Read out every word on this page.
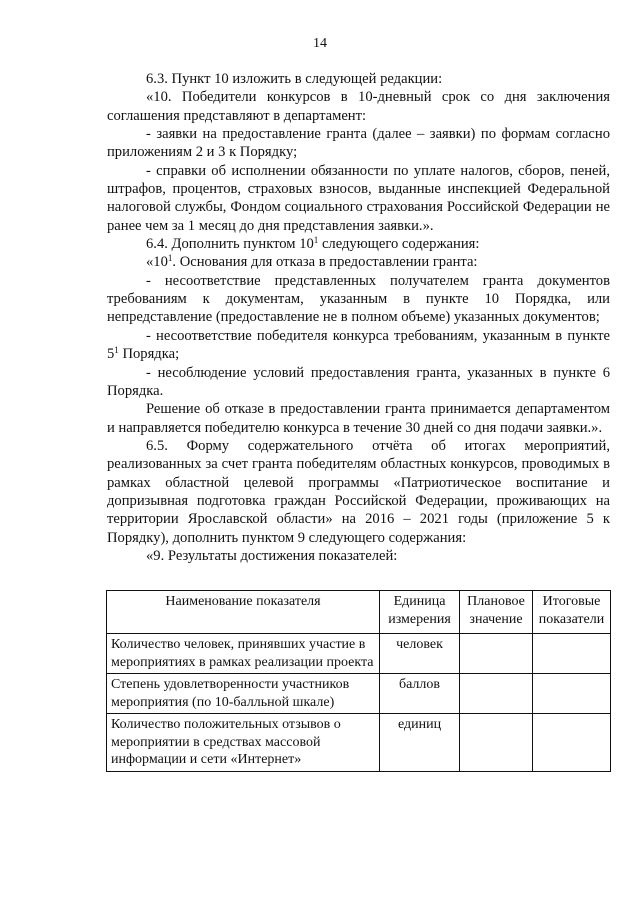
14

6.3. Пункт 10 изложить в следующей редакции:

«10. Победители конкурсов в 10-дневный срок со дня заключения соглашения представляют в департамент:

- заявки на предоставление гранта (далее – заявки) по формам согласно приложениям 2 и 3 к Порядку;

- справки об исполнении обязанности по уплате налогов, сборов, пеней, штрафов, процентов, страховых взносов, выданные инспекцией Федеральной налоговой службы, Фондом социального страхования Российской Федерации не ранее чем за 1 месяц до дня представления заявки.».

6.4. Дополнить пунктом $10^1$ следующего содержания:

«$10^1$. Основания для отказа в предоставлении гранта:

- несоответствие представленных получателем гранта документов требованиям к документам, указанным в пункте 10 Порядка, или непредставление (предоставление не в полном объеме) указанных документов;

- несоответствие победителя конкурса требованиям, указанным в пункте $5^1$ Порядка;

- несоблюдение условий предоставления гранта, указанных в пункте 6 Порядка.

Решение об отказе в предоставлении гранта принимается департаментом и направляется победителю конкурса в течение 30 дней со дня подачи заявки.».

6.5. Форму содержательного отчёта об итогах мероприятий, реализованных за счет гранта победителям областных конкурсов, проводимых в рамках областной целевой программы «Патриотическое воспитание и допризывная подготовка граждан Российской Федерации, проживающих на территории Ярославской области» на 2016 – 2021 годы (приложение 5 к Порядку), дополнить пунктом 9 следующего содержания:

«9. Результаты достижения показателей:

Наименование показателя	Единица измерения	Плановое значение	Итоговые показатели
Количество человек, принявших участие в мероприятиях в рамках реализации проекта	человек		
Степень удовлетворенности участников мероприятия (по 10-балльной шкале)	баллов		
Количество положительных отзывов о мероприятии в средствах массовой информации и сети «Интернет»	единиц		
